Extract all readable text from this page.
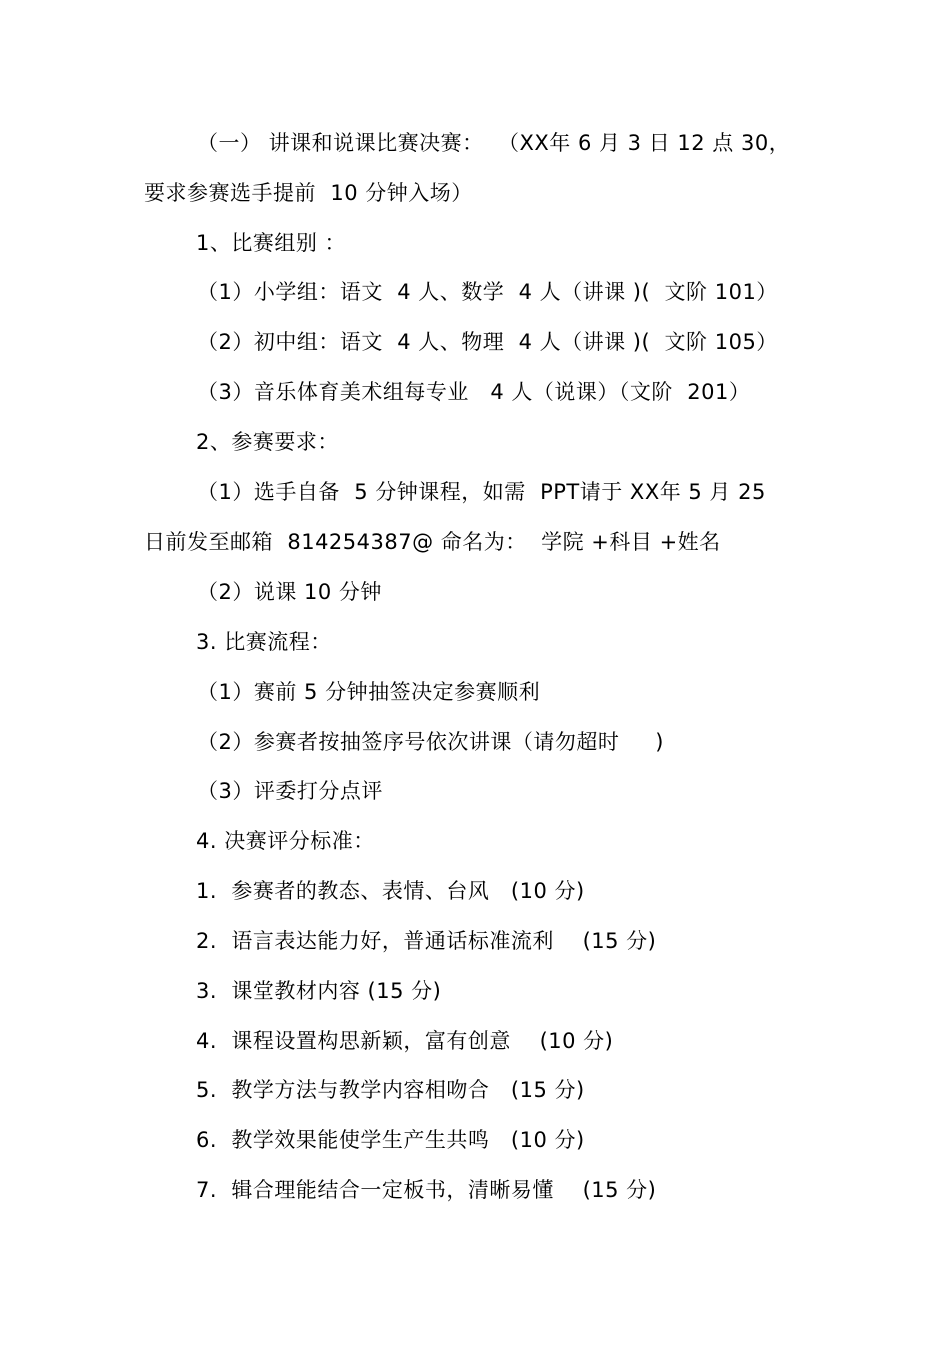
（一） 讲课和说课比赛决赛：  （XX年 6 月 3 日 12 点 30，
要求参赛选手提前  10 分钟入场）
1、比赛组别 ：
（1）小学组：语文  4 人、数学  4 人（讲课 )(  文阶 101）
（2）初中组：语文  4 人、物理  4 人（讲课 )(  文阶 105）
（3）音乐体育美术组每专业   4 人（说课）（文阶  201）
2、参赛要求：
（1）选手自备  5 分钟课程，如需  PPT请于 XX年 5 月 25
日前发至邮箱  814254387@ 命名为：  学院 +科目 +姓名
（2）说课 10 分钟
3. 比赛流程：
（1）赛前 5 分钟抽签决定参赛顺利
（2）参赛者按抽签序号依次讲课（请勿超时     )
（3）评委打分点评
4. 决赛评分标准：
1.  参赛者的教态、表情、台风   (10 分)
2.  语言表达能力好，普通话标准流利    (15 分)
3.  课堂教材内容 (15 分)
4.  课程设置构思新颖，富有创意    (10 分)
5.  教学方法与教学内容相吻合   (15 分)
6.  教学效果能使学生产生共鸣   (10 分)
7.  辑合理能结合一定板书，清晰易懂    (15 分)
